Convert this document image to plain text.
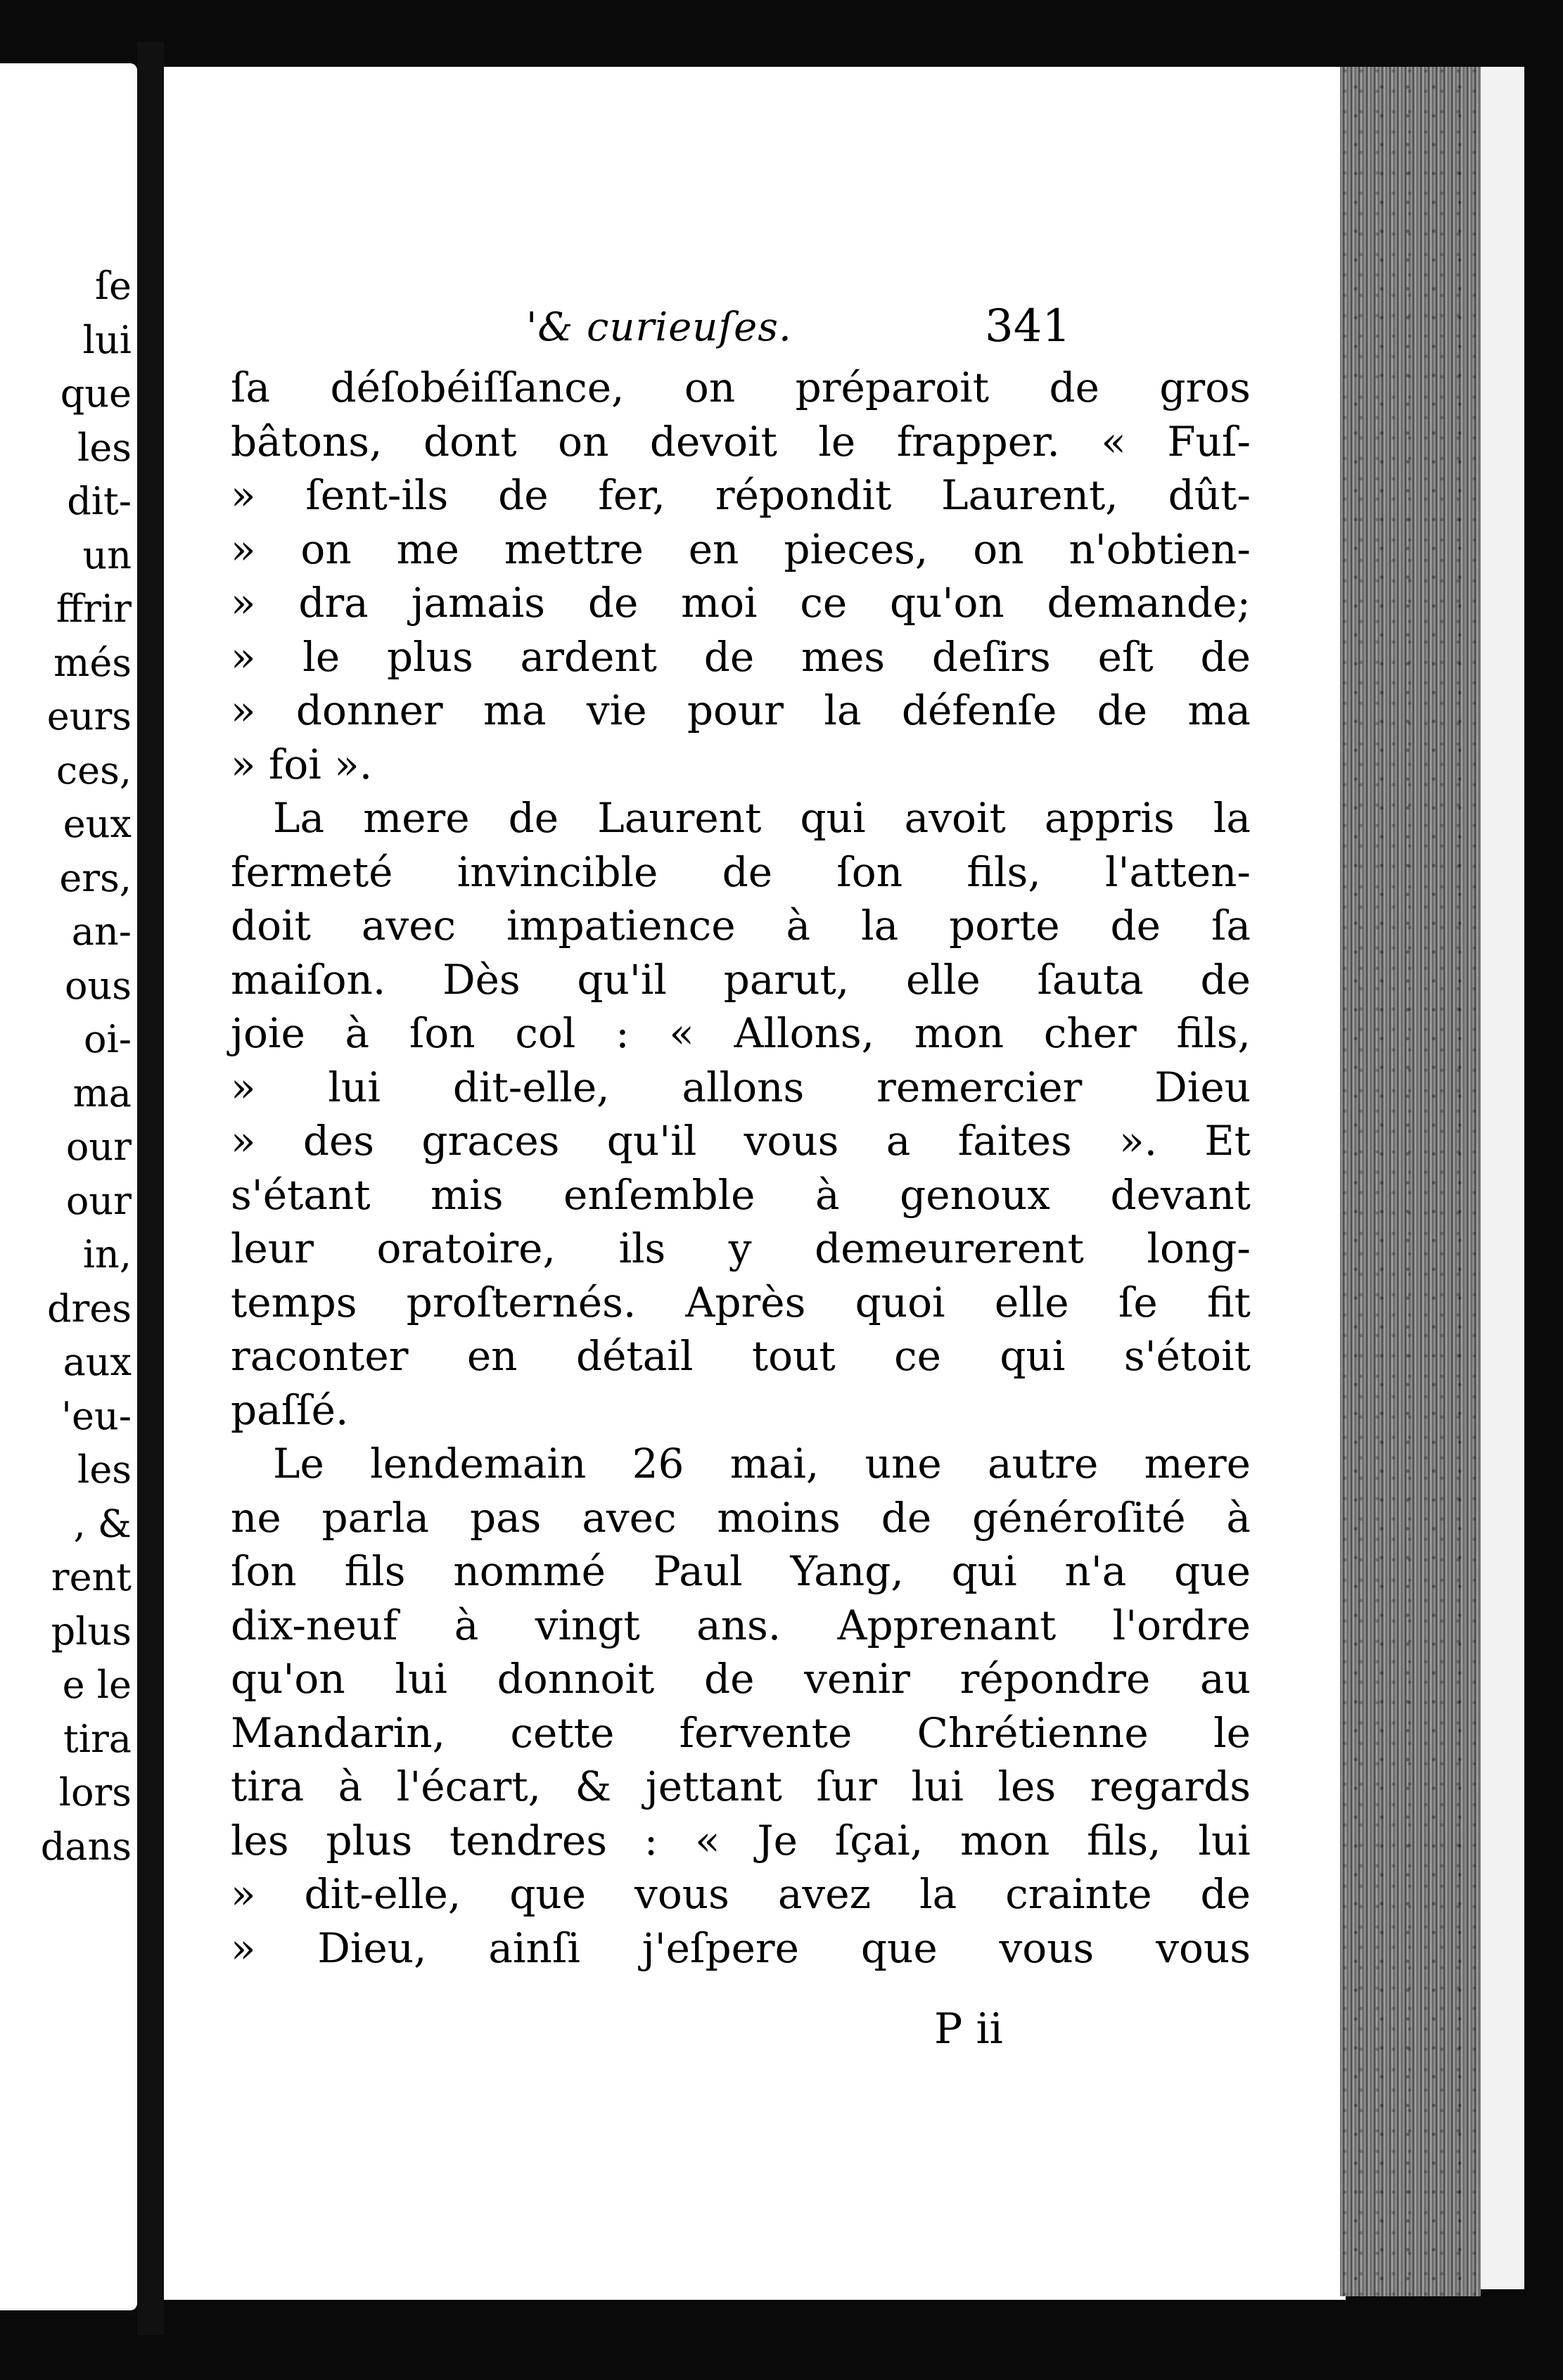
ſe
lui
que
les
dit-
un
ffrir
més
eurs
ces,
eux
ers,
an-
ous
oi-
ma
our
our
in,
dres
aux
'eu-
les
, &
rent
plus
e le
tira
lors
dans
'& curieuſes.	341
ſa déſobéiſſance, on préparoit de gros
bâtons, dont on devoit le frapper. « Fuſ-
» ſent-ils de fer, répondit Laurent, dût-
» on me mettre en pieces, on n'obtien-
» dra jamais de moi ce qu'on demande;
» le plus ardent de mes deſirs eſt de
» donner ma vie pour la défenſe de ma
» foi ».
La mere de Laurent qui avoit appris la
fermeté invincible de ſon fils, l'atten-
doit avec impatience à la porte de ſa
maiſon. Dès qu'il parut, elle ſauta de
joie à ſon col : « Allons, mon cher fils,
» lui dit-elle, allons remercier Dieu
» des graces qu'il vous a faites ». Et
s'étant mis enſemble à genoux devant
leur oratoire, ils y demeurerent long-
temps proſternés. Après quoi elle ſe fit
raconter en détail tout ce qui s'étoit
paſſé.
Le lendemain 26 mai, une autre mere
ne parla pas avec moins de généroſité à
ſon fils nommé Paul Yang, qui n'a que
dix-neuf à vingt ans. Apprenant l'ordre
qu'on lui donnoit de venir répondre au
Mandarin, cette fervente Chrétienne le
tira à l'écart, & jettant ſur lui les regards
les plus tendres : « Je ſçai, mon fils, lui
» dit-elle, que vous avez la crainte de
» Dieu, ainſi j'eſpere que vous vous
P ii
